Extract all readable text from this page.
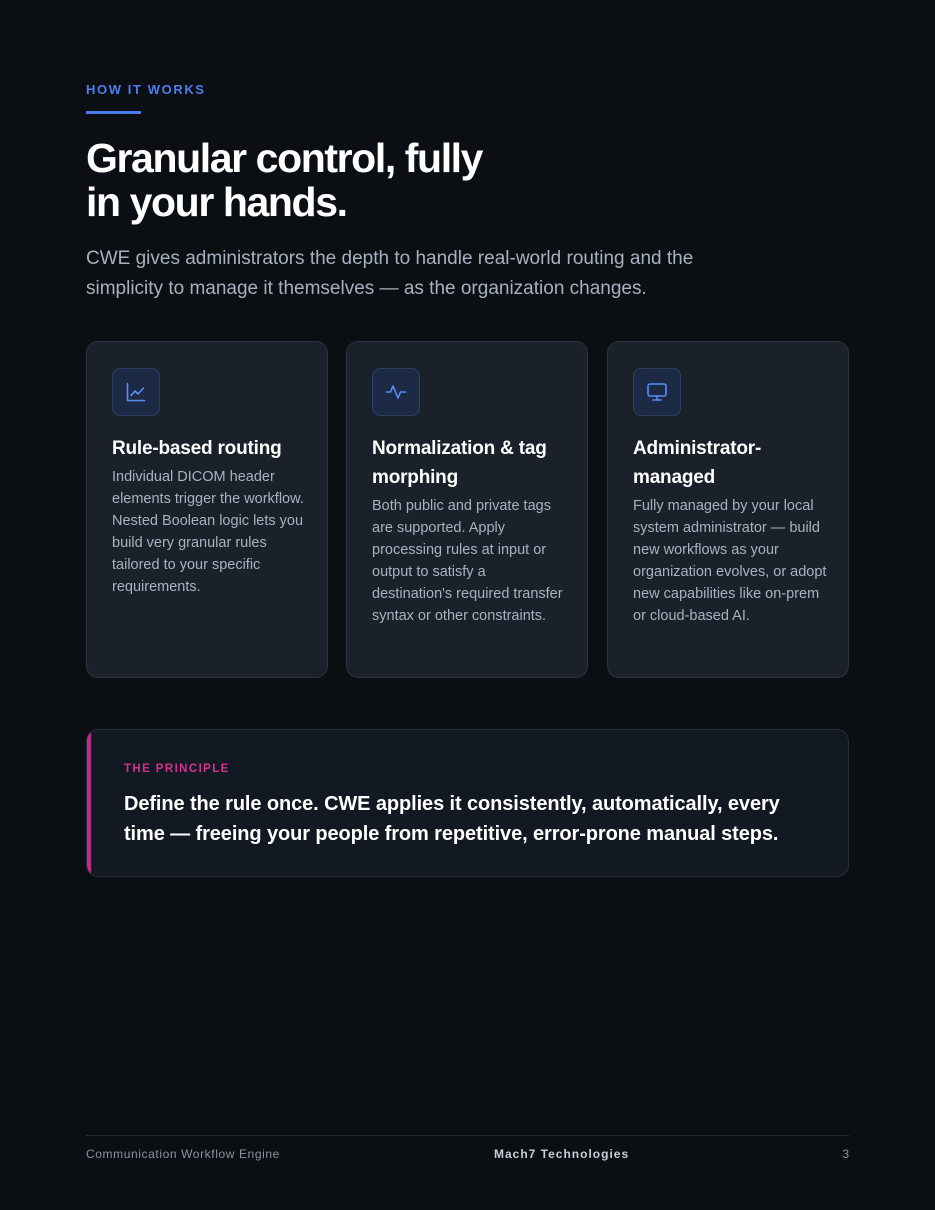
HOW IT WORKS
Granular control, fully
in your hands.

CWE gives administrators the depth to handle real-world routing and the simplicity to manage it themselves — as the organization changes.

Rule-based routing
Individual DICOM header elements trigger the workflow. Nested Boolean logic lets you build very granular rules tailored to your specific requirements.
Normalization & tag morphing
Both public and private tags are supported. Apply processing rules at input or output to satisfy a destination's required transfer syntax or other constraints.
Administrator-managed
Fully managed by your local system administrator — build new workflows as your organization evolves, or adopt new capabilities like on-prem or cloud-based AI.
THE PRINCIPLE
Define the rule once. CWE applies it consistently, automatically, every time — freeing your people from repetitive, error-prone manual steps.
Communication Workflow Engine	Mach7 Technologies	3
